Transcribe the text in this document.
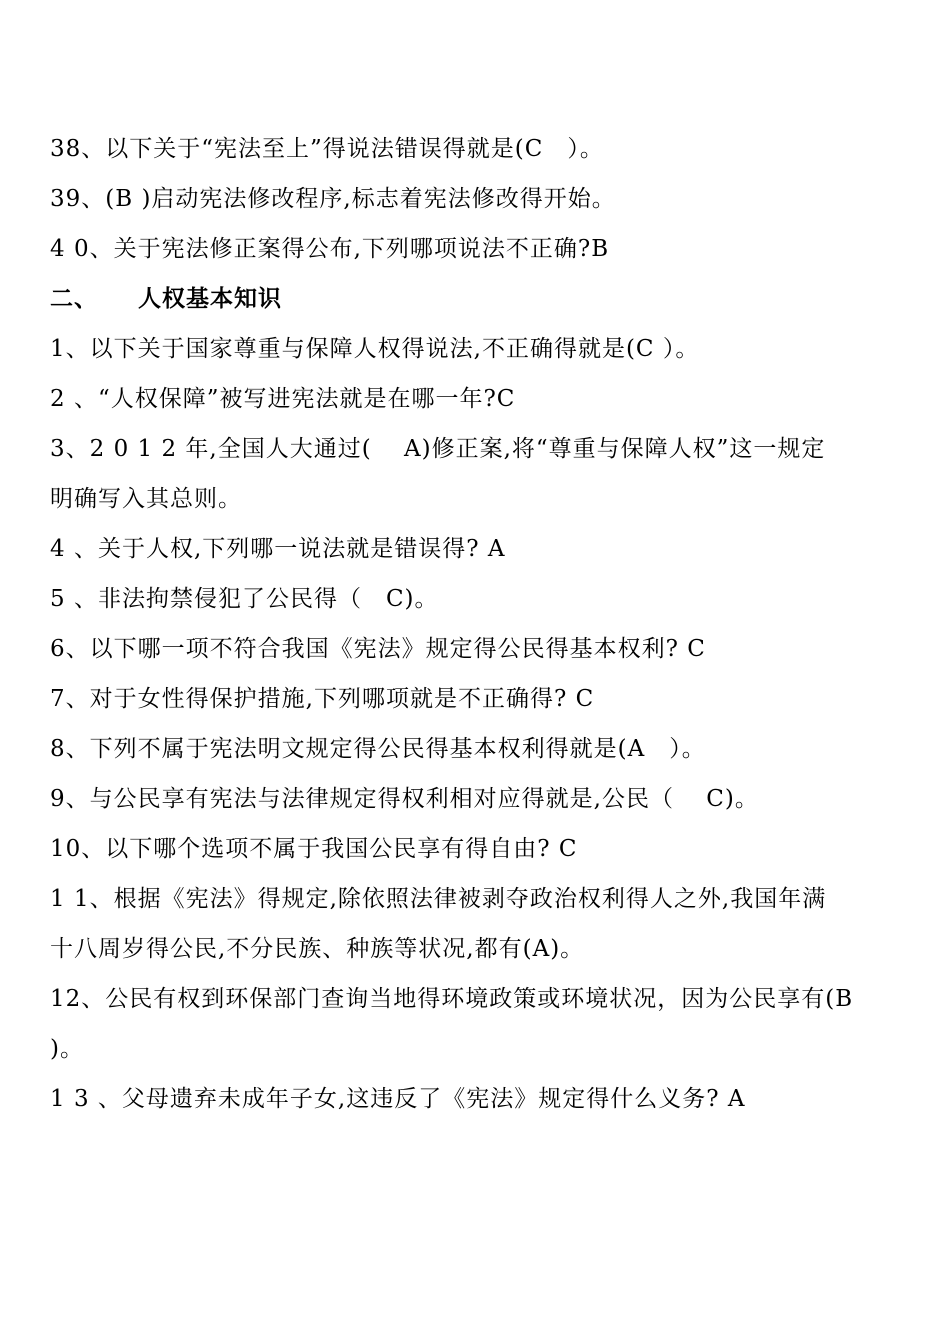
38、以下关于“宪法至上”得说法错误得就是(C　）。
39、(B )启动宪法修改程序,标志着宪法修改得开始。
4 0、关于宪法修正案得公布,下列哪项说法不正确?B
二、 人权基本知识
1、以下关于国家尊重与保障人权得说法,不正确得就是(C ）。
2 、“人权保障”被写进宪法就是在哪一年?C
3、2 0 1 2 年,全国人大通过(　 A)修正案,将“尊重与保障人权”这一规定
明确写入其总则。
4 、关于人权,下列哪一说法就是错误得? A
5 、非法拘禁侵犯了公民得（　C)。
6、以下哪一项不符合我国《宪法》规定得公民得基本权利? C
7、对于女性得保护措施,下列哪项就是不正确得? C
8、下列不属于宪法明文规定得公民得基本权利得就是(A　）。
9、与公民享有宪法与法律规定得权利相对应得就是,公民（　 C)。
10、以下哪个选项不属于我国公民享有得自由? C
1 1、根据《宪法》得规定,除依照法律被剥夺政治权利得人之外,我国年满
十八周岁得公民,不分民族、种族等状况,都有(A)。
12、公民有权到环保部门查询当地得环境政策或环境状况，因为公民享有(B
)。
1 3 、父母遗弃未成年子女,这违反了《宪法》规定得什么义务? A
